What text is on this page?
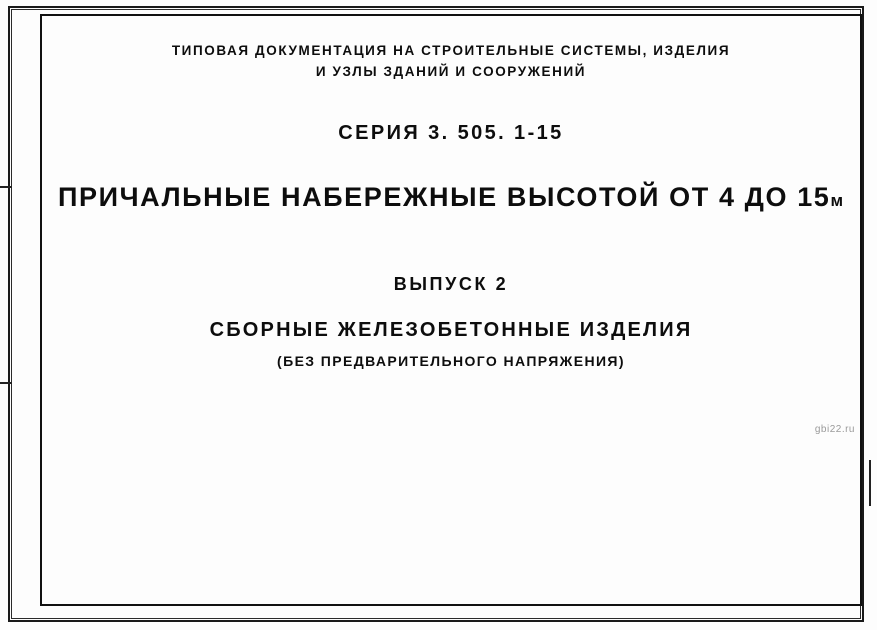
ТИПОВАЯ ДОКУМЕНТАЦИЯ НА СТРОИТЕЛЬНЫЕ СИСТЕМЫ, ИЗДЕЛИЯ
И УЗЛЫ ЗДАНИЙ И СООРУЖЕНИЙ
СЕРИЯ 3. 505. 1-15
ПРИЧАЛЬНЫЕ НАБЕРЕЖНЫЕ ВЫСОТОЙ ОТ 4 ДО 15м
ВЫПУСК 2
СБОРНЫЕ ЖЕЛЕЗОБЕТОННЫЕ ИЗДЕЛИЯ
(БЕЗ ПРЕДВАРИТЕЛЬНОГО НАПРЯЖЕНИЯ)
gbi22.ru
